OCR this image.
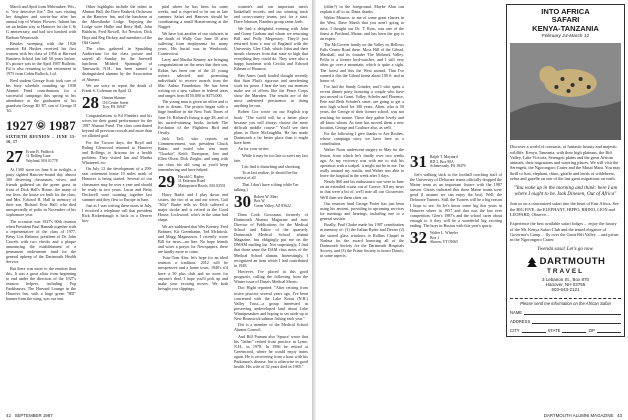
March and April from Milwaukee, Wis., is "few detective fire." Dot was visiting her daughter and son-in-law after her annual trip of Winter Flowers. Iuliani has set an Indian way to Hanover for the C & G anniversary, and had two lunched with Barbara Weymouth.

Besides sweeping with the 1926 reunion Ed Huskes received his first women with his class of 1956 at Harvard Business School last fall 50 years before. It's picture was in the April 1987 Bulletin. Ed is also returning to his retirement in 1975 from Cabin Bullock, Ltd.

Bred student George Scott took care of his busy schedule rounding up 1938 Alumni Fund contributions for a successful campaign this spring in his attendance at the graduation of his grandson George III '87, son of George II '63.

1927 1987
SIXTIETH REUNION – JUNE 15-16, 17
27 Erwin B. Paddock
11 Rolling Lane
Wayland, MA 01778

At 1300 noon on June 6 in twilight, a party sighted Hanover-bound day, almost 100 deserving classmates, wives, and friends gathered on the green grass in front of Dick Hall's House...the many of our lives, the house we built for the class, and Mrs. Edward R. Hall in memory of their son, Richard Dow Hall, who died unexpectedly of polio in November of his sophomore year.

The occasion was 1927's 60th reunion when President Paul Hannah together with a representative of the class of 1977, Betsy Cox Behmor, president of Dr. John Cowels with two checks and a plaque announcing the establishment of a permanent endowment fund for the general upkeep of the Dartmouth Health Service.

But there was more to the reunion than this. It was a great affair from beginning to end under the direction of the 1927's reunion helpers, including Pop Funkhauser. The Harvard Lounge in the Hanover Inn, with a large green "HD" banner from the wing, was our tent.

Other highlights include the talent in Alumni Hall, the Dave Brubeck Orchestra at the Hanover Inn, and the luncheon at the Moosilauke Lodge. Enjoying the Lodge were Hallie and Betty Hall, John Baldwin, Fred Rowell, Art Newton, Dick Hoyt and Reg Dickey, and members of the Old Guard.

The class gathered in Spaulding Auditorium for the class picture and stayed all Sunday for the farewell luncheon. Mildred Spannagle of Tamworth, N.H., has been named a distinguished alumna by the Association of Alumni.

We are sorry to report the death of Frank S. Coleman on April 12.

28 Osmun Skinner
116 Center Street
Troy, PA 16947

Congratulations to Ed Flanders and his wives for their grand performance for the 1987 Alumni Fund. The class contributed beyond all previous records and more than we allotted goal.

For the Tucson days, the Boyd and Ruling Glenwood returned to Hanover and Rollings to Arizona for a health problem. They visited Ian and Martha Whatneed, etc.

On July 12 the development of a 290-seat retirement home 10 miles north of Hanover is being started. Several of our classmates may be over a year and should be ready in two years. Lucas and Betty Dockwell were rooming together last summer and they flew to Europe in June.

Just as I was writing these notes in July, I received a telephone call that president Rick Rickenbaugh is back in a Denver hos-

pital where he has been for some weeks, and is expected to be out in late summer. Safari and Hanover should be coordinating a small Homecoming at the Nugget.

We have lost another of our stalwarts in the death of Wally Carr June 10 after suffering from emphysema for many years. His burial was in Westbrook, Connecticut.

Larry and Martha Kenney are bringing congratulations on the news that their son, Robin, has been one of the 25 young writers selected and promoting individuals' to receive awards from the Mac Arthur Foundation. He has been writing on a new culture in federal taxes and ranges from $150,000 to $375,000.

The young man is given an office and is free to dream. The project began with a huge headline in the New York Times of June 16. Richard's listing is age 28, and of his award-winning books include The Evolution of the Flightless Bird and Orvaly.

Jack Taff, who reports on Commencement, was president Chuck Baker, and noted who was more "Chuckie" Keith Thompson, Jim and Ellen Olsen, Dick Ziegler, and sang with our class his old song as you'd keep remembering and have helped.

29 Harold C. Ripley
11 Emerson Road
Mattapoisett Beach, MA 02551

Harry Barlet and I play down and sixties, the two of us and our wives, Gail "Jilly" Burke tells us Dick suffered a major stroke and is retired at the Good House, Lockwood, who's in the same bad shape.

We are saddened that Wes Keeney, Fred Bohmer, Kit Greenbaum, Ted McIntosh, and Magg Magnusson. I recently wrote Bill for news—no line. No hope friends and wiser a prayer for Newspapers, there are hardly more to come.

Twin-Tom Alm: let's hope for an ideal reunion a tradition. 2012 will be inexpensive and a home town, 1940's it'd have a 50 plus club and no more for anyone's deal. I hope you'll pick up and make your exciting moves. We both brought you clippings.

women's and our important men's basketball records, and our winning track and cross-country teams, just for a start. Dave Johnson, Flanders group came forth.

We had a delightful evening with John and Ginny Graham and whom we returning Bill and Polly Megerssey. They'd just returned from a tour of England with the University Glee Club, which John and their mouth choruses from that state so high that everything they could do. They were also a happy luncheon with Cecilia and Edward Kilman of Houston.

Ben Ames (and) loaded thought recently that Stan Platt's rigorous and unrelenting work for peace. I hear the way our enemies make use of efforts like the Peace Corps show the Marsden. The results are of the most unfettered persistence in doing anything he can.

Robert Cox wrote on our English trip book. "The world will be a better place because you will always choose the more difficult middle course." You'll see their plans to Dave McLaughlin. He has made Dartmouth a far better place than it might have been.

An for your writer:

While it may be too late to avert my last fate.

I do find it disturbing and shocking

To at last realize, (it should be the sorriest of all

That I don't have a thing while I'm talking.)

30 Robert W. Marr
Box W
Green Valley, AZ 85622

Dana Cook Grossman, formerly of Dartmouth Alumni Magazine and now Director of Publications for the Medical School and Editor of the quarterly Dartmouth Medical School alumni Magazine, has obligingly put me on the DMAM mailing list. Not surprisingly, I find that those same the DAM class notes of the Medical School alumni. Interestingly, I recognized an item which I had contributed in 1928.

However, I've placed in this good prognosis, culling the following from the Winter issue of Dana's Medical Shorts:

Doc Hight reported: "After retiring from active practice several years ago, I've been concerned with the Lake Kezar (N.H.) Valley Trust—a group interested in preserving undeveloped land about Lake Winnipesaukee and hoping to set aside up to New Brunswick salmon fishing each year."

Dot is a member of the Medical School Alumni Council.

And Bill Putnam also 'Spruce' wrote that his "father" retired from practice in Lyme, N.H., in 1978. In 1986 he retired at Greenwood, where he would enjoy trains again. He is recovering from a bout with his Parkinson's disease, but is otherwise in good health. His wife of 52 years died in 1985."

42 SEPTEMBER 1987

(older?) in the foreground. Maybe Alan can explain it all to us. Dana, thanks.

Walter Monroe, to me of some great classes in the West, Dave Marsh that you aren't going to miss. I thought our Dr. T. Ross, was one of the finest at Portland, Maine, and has been the guy is an expert.

The McGovern family on the Valley on Bellows Falls Center Road there. Moss Hill of the Gilead, Marshall, and its founder The Mohawk Valley. Pollis is a former bird-watcher, and I still very often go over a mountain, which is quite a sight. The forest and this the West around. That I've earned it this the Gilead house about 100 ft. and in honor of.

I've had the Sandy Grinder, and I who spent a recent dinner party honoring a couple who have just moved to Grant, Valley. Scheler and Florence, Pete and Beth Schuler's sister, are going to get a new high school for 100 years. Alton, who is 50 years, the George of their former school, was not teaching for nature. There they gather lovely and all know whom. As time has moved them a new location, George and Coulture also, as well.

For the following I give thanks to Ave Roches, whose campaign story we have here as a contribution.

Walter Noon underwent surgery in May for the lesion, from which he's finally over two weeks ago. As my recovery was with me to risk his operation with a scalpel, it might not be in me. I'm really amazed my results, and Walter was able to leave the hospital in the week after 5 days.

Nearly $60 and his enthusiastic son were in June on an extended cruise out of Greece. All my news in that were a bit of, we'll note all our Gloucester. We'll then see them cheer on.

Our reunion fund George Porter has just been using his ancient, providing in upcoming services for meetings and hearings, including one to a general session.

Finally, Paul Clarke made his 1987 contribution in memory of: (1) the Italian Ryder and Dexter (2) the started glass windows to Rollins Chapel in Nashua for the award honoring all of the Dartmouth Society for the Dartmouth Hospitals Society, and (3) the Prime Society to honor Dana's, in some aspects.

31 Ralph T. Maynard
RD 2, Box 98A
Schenectady, PA 18476

Joe's walking stick to the football coaching staff of the University of Delaware teams officially dropped the Maine team as an important fixture with the 1987 season. Ghosts indicated that those Maine teams were good (I assume we can enjoy the last). Well, the Delaware Turners. Still, the Turners will be a big reason I hope to see. So let's know some big this years in Hanover where in 1957 and that was the last ever competition. Glen's 1987's and the school cares about enough to it they will be a wonderful big exciting ending. The boys in Boston with this year's sporty.

32 Walter L. Wheeler
Box 1
Sharon, VT 05065
DARTMOUTH ALUMNI MAGAZINE 43
INTO AFRICA
SAFARI
KENYA-TANZANIA
February 24-March 12
Discover a world of contrasts, of fantastic beauty and majestic wildlife. Kenya, Tanzania, with their high plateaus, the Rift Valley, Lake Victoria, Serengeti plains and the great African animals, their migrations and watering places. We will visit the Serengeti, the Ngorongoro Crater and the Masai Mara. You may thrill to lion, elephant, rhino, giraffe and herds of wildebeest, zebra and gazelle on one of the last great migrations on earth.
"You wake up in the morning and think: here I am where I ought to be. Isak Dinesen, Out of Africa"
Join us on a customized safari into the heart of East Africa. See the BIG FIVE: the ELEPHANT, HIPPO, RHINO, LION and LEOPARD, Observe...
Experience the best available safari lodges ... enjoy the luxury of the Mt. Kenya Safari Club and the tented elegance of Governor's Camp ... fly over the Great Rift Valley ... and picnic in the Ngorongoro Crater.
Twenda sasa! Let's go now.
DARTMOUTH
TRAVEL
3 Lebanon St., Box 870
Hanover, NH 03755
603-643-2121
Please send me information on the African Safari
NAME
ADDRESS
CITY	STATE	ZIP
